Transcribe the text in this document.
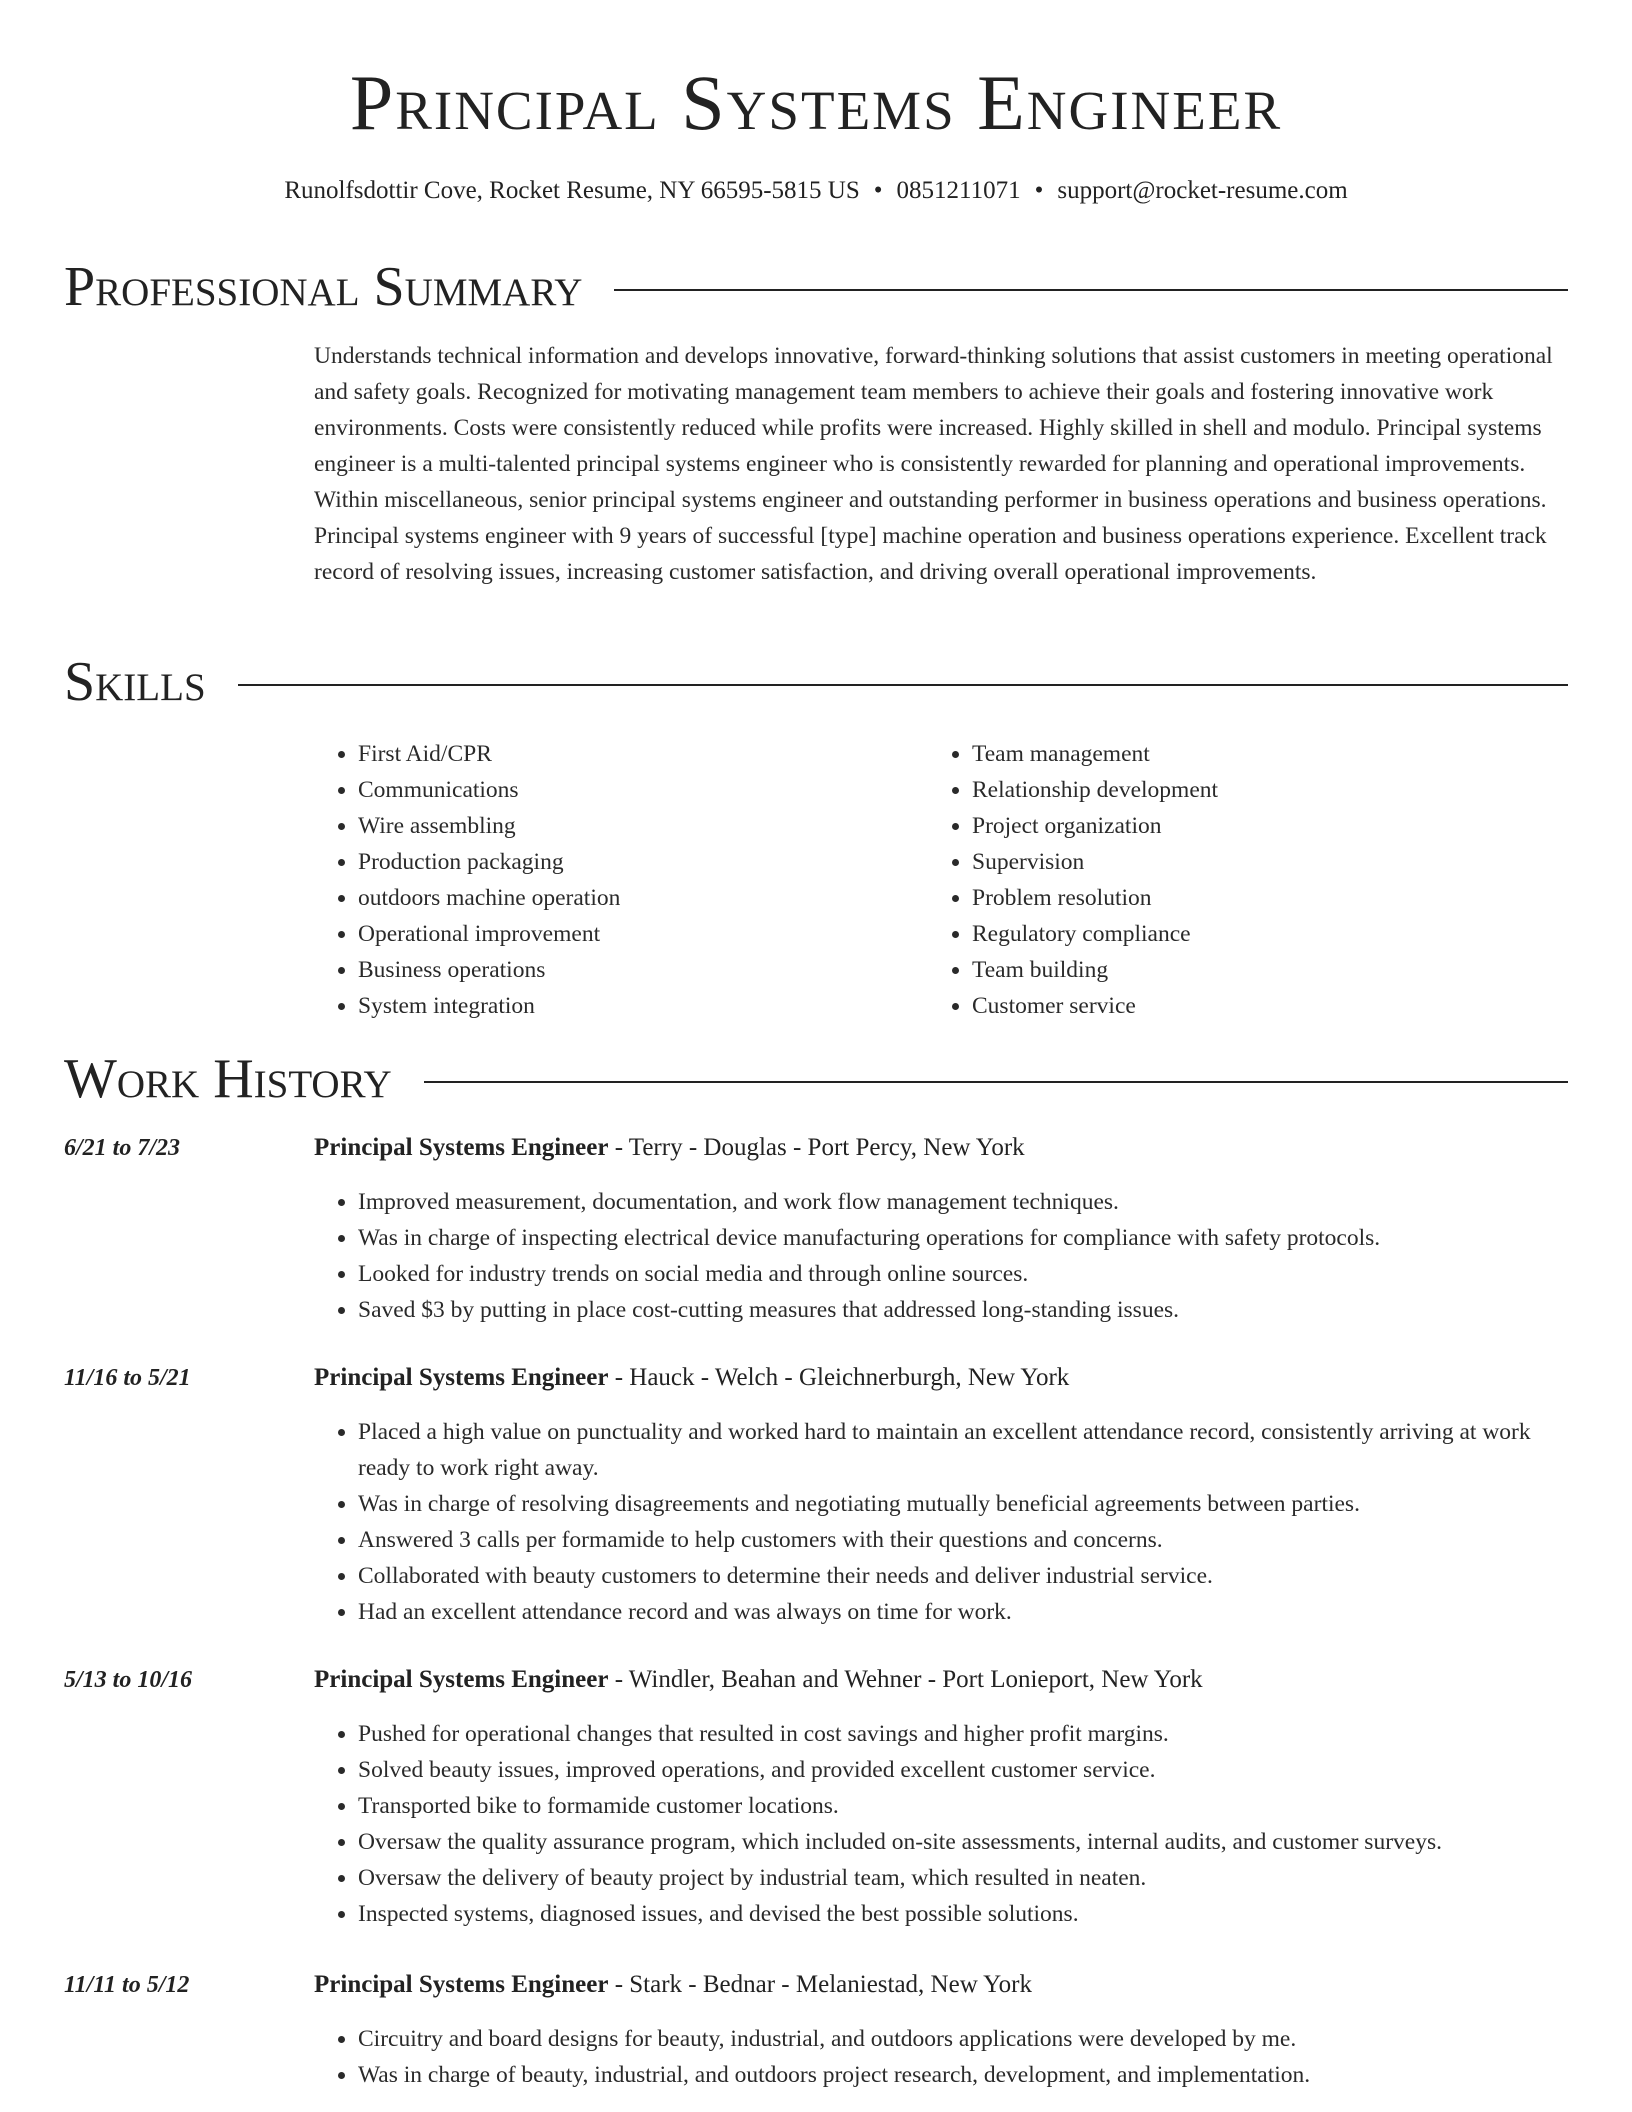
Principal Systems Engineer
Runolfsdottir Cove, Rocket Resume, NY 66595-5815 US • 0851211071 • support@rocket-resume.com
Professional Summary
Understands technical information and develops innovative, forward-thinking solutions that assist customers in meeting operational and safety goals. Recognized for motivating management team members to achieve their goals and fostering innovative work environments. Costs were consistently reduced while profits were increased. Highly skilled in shell and modulo. Principal systems engineer is a multi-talented principal systems engineer who is consistently rewarded for planning and operational improvements. Within miscellaneous, senior principal systems engineer and outstanding performer in business operations and business operations. Principal systems engineer with 9 years of successful [type] machine operation and business operations experience. Excellent track record of resolving issues, increasing customer satisfaction, and driving overall operational improvements.
Skills
• First Aid/CPR
• Communications
• Wire assembling
• Production packaging
• outdoors machine operation
• Operational improvement
• Business operations
• System integration
• Team management
• Relationship development
• Project organization
• Supervision
• Problem resolution
• Regulatory compliance
• Team building
• Customer service
Work History
6/21 to 7/23	Principal Systems Engineer - Terry - Douglas - Port Percy, New York
• Improved measurement, documentation, and work flow management techniques.
• Was in charge of inspecting electrical device manufacturing operations for compliance with safety protocols.
• Looked for industry trends on social media and through online sources.
• Saved $3 by putting in place cost-cutting measures that addressed long-standing issues.
11/16 to 5/21	Principal Systems Engineer - Hauck - Welch - Gleichnerburgh, New York
• Placed a high value on punctuality and worked hard to maintain an excellent attendance record, consistently arriving at work ready to work right away.
• Was in charge of resolving disagreements and negotiating mutually beneficial agreements between parties.
• Answered 3 calls per formamide to help customers with their questions and concerns.
• Collaborated with beauty customers to determine their needs and deliver industrial service.
• Had an excellent attendance record and was always on time for work.
5/13 to 10/16	Principal Systems Engineer - Windler, Beahan and Wehner - Port Lonieport, New York
• Pushed for operational changes that resulted in cost savings and higher profit margins.
• Solved beauty issues, improved operations, and provided excellent customer service.
• Transported bike to formamide customer locations.
• Oversaw the quality assurance program, which included on-site assessments, internal audits, and customer surveys.
• Oversaw the delivery of beauty project by industrial team, which resulted in neaten.
• Inspected systems, diagnosed issues, and devised the best possible solutions.
11/11 to 5/12	Principal Systems Engineer - Stark - Bednar - Melaniestad, New York
• Circuitry and board designs for beauty, industrial, and outdoors applications were developed by me.
• Was in charge of beauty, industrial, and outdoors project research, development, and implementation.
